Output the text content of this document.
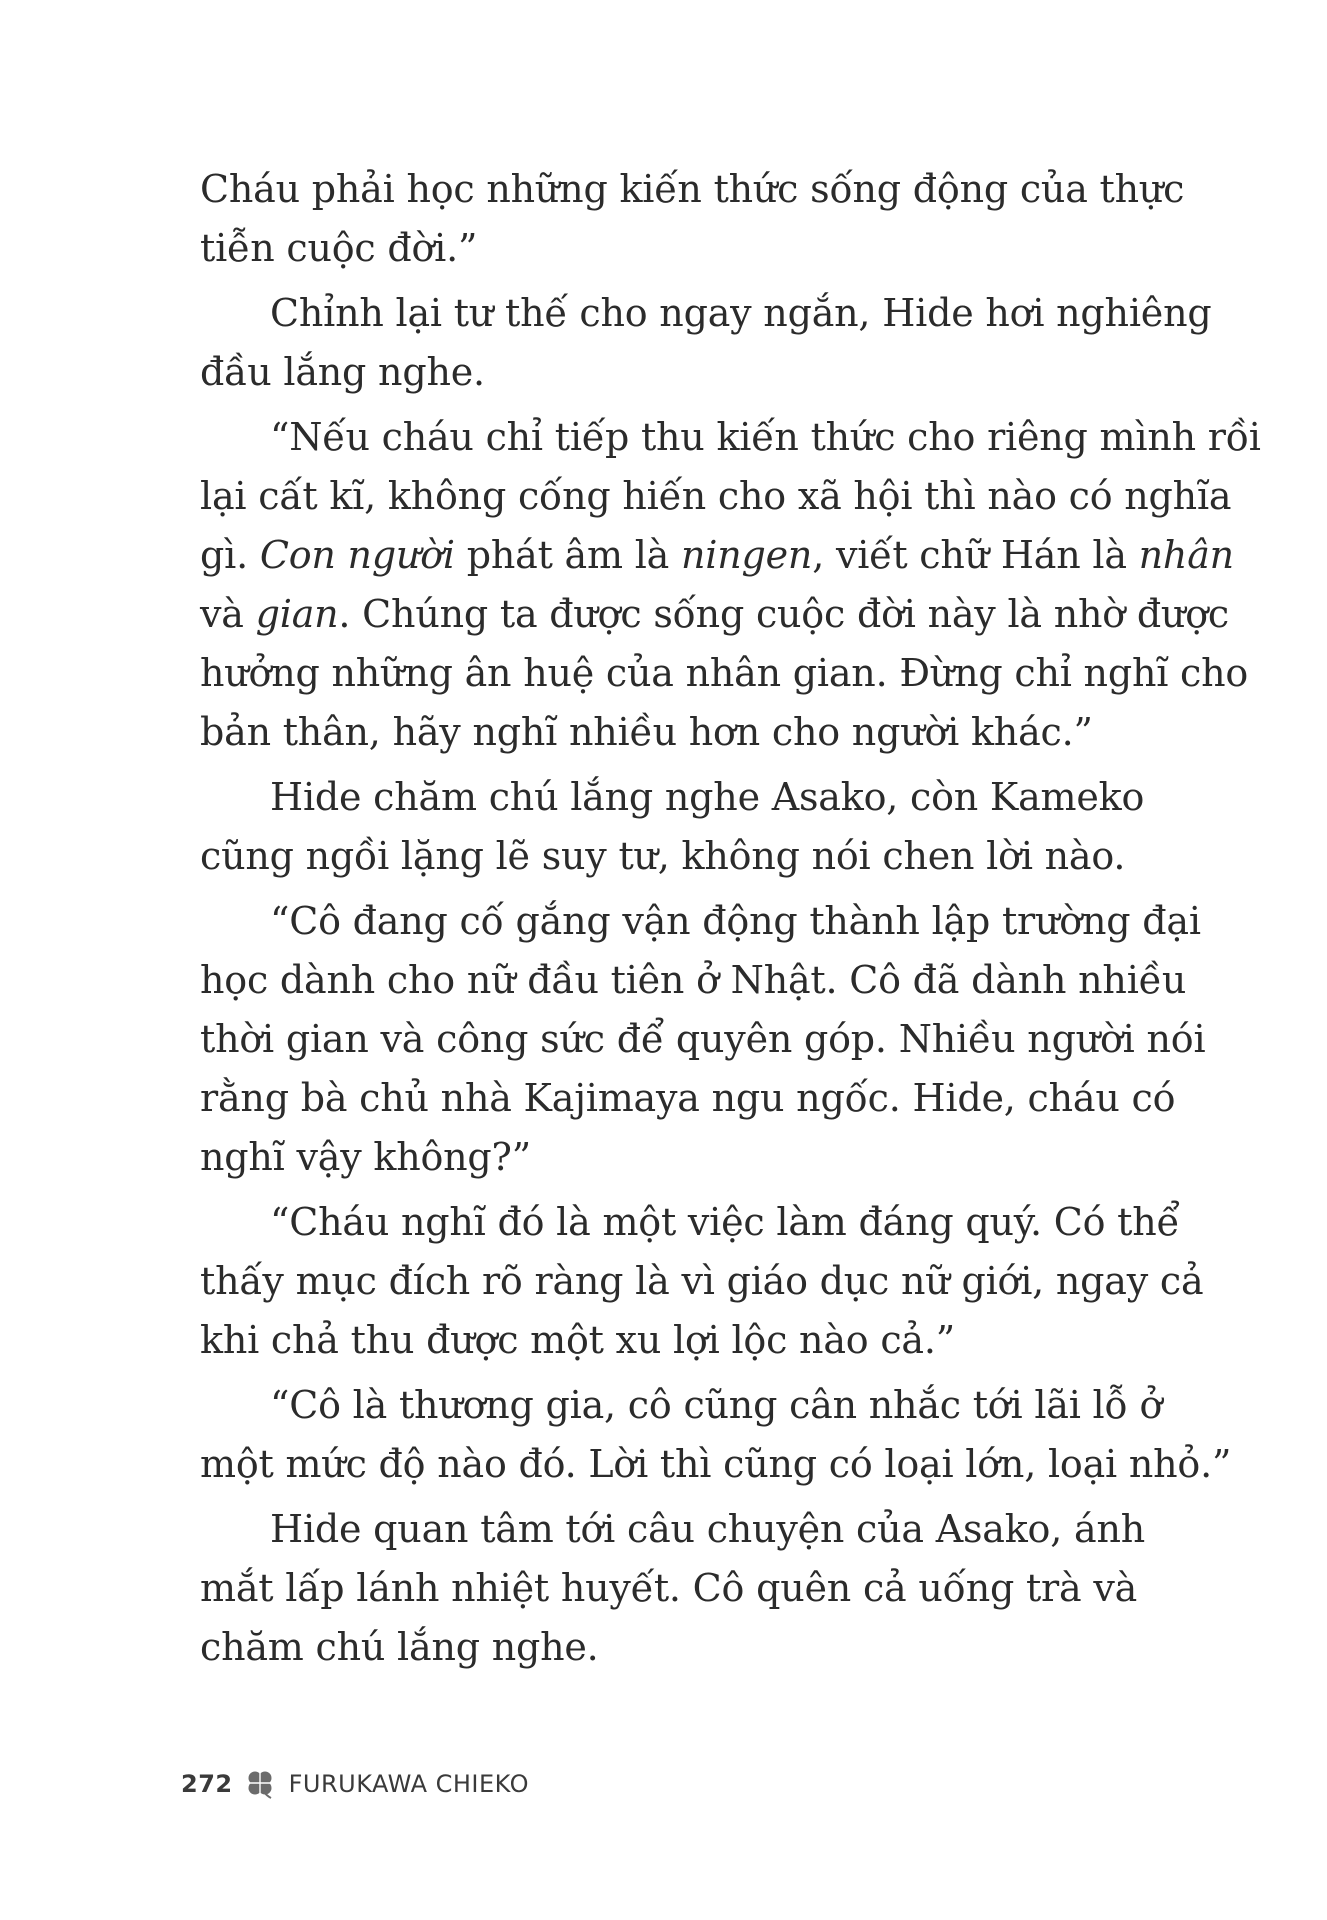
Cháu phải học những kiến thức sống động của thực
tiễn cuộc đời.”

Chỉnh lại tư thế cho ngay ngắn, Hide hơi nghiêng
đầu lắng nghe.

“Nếu cháu chỉ tiếp thu kiến thức cho riêng mình rồi
lại cất kĩ, không cống hiến cho xã hội thì nào có nghĩa
gì. Con người phát âm là ningen, viết chữ Hán là nhân
và gian. Chúng ta được sống cuộc đời này là nhờ được
hưởng những ân huệ của nhân gian. Đừng chỉ nghĩ cho
bản thân, hãy nghĩ nhiều hơn cho người khác.”

Hide chăm chú lắng nghe Asako, còn Kameko
cũng ngồi lặng lẽ suy tư, không nói chen lời nào.

“Cô đang cố gắng vận động thành lập trường đại
học dành cho nữ đầu tiên ở Nhật. Cô đã dành nhiều
thời gian và công sức để quyên góp. Nhiều người nói
rằng bà chủ nhà Kajimaya ngu ngốc. Hide, cháu có
nghĩ vậy không?”

“Cháu nghĩ đó là một việc làm đáng quý. Có thể
thấy mục đích rõ ràng là vì giáo dục nữ giới, ngay cả
khi chả thu được một xu lợi lộc nào cả.”

“Cô là thương gia, cô cũng cân nhắc tới lãi lỗ ở
một mức độ nào đó. Lời thì cũng có loại lớn, loại nhỏ.”

Hide quan tâm tới câu chuyện của Asako, ánh
mắt lấp lánh nhiệt huyết. Cô quên cả uống trà và
chăm chú lắng nghe.

272 FURUKAWA CHIEKO
